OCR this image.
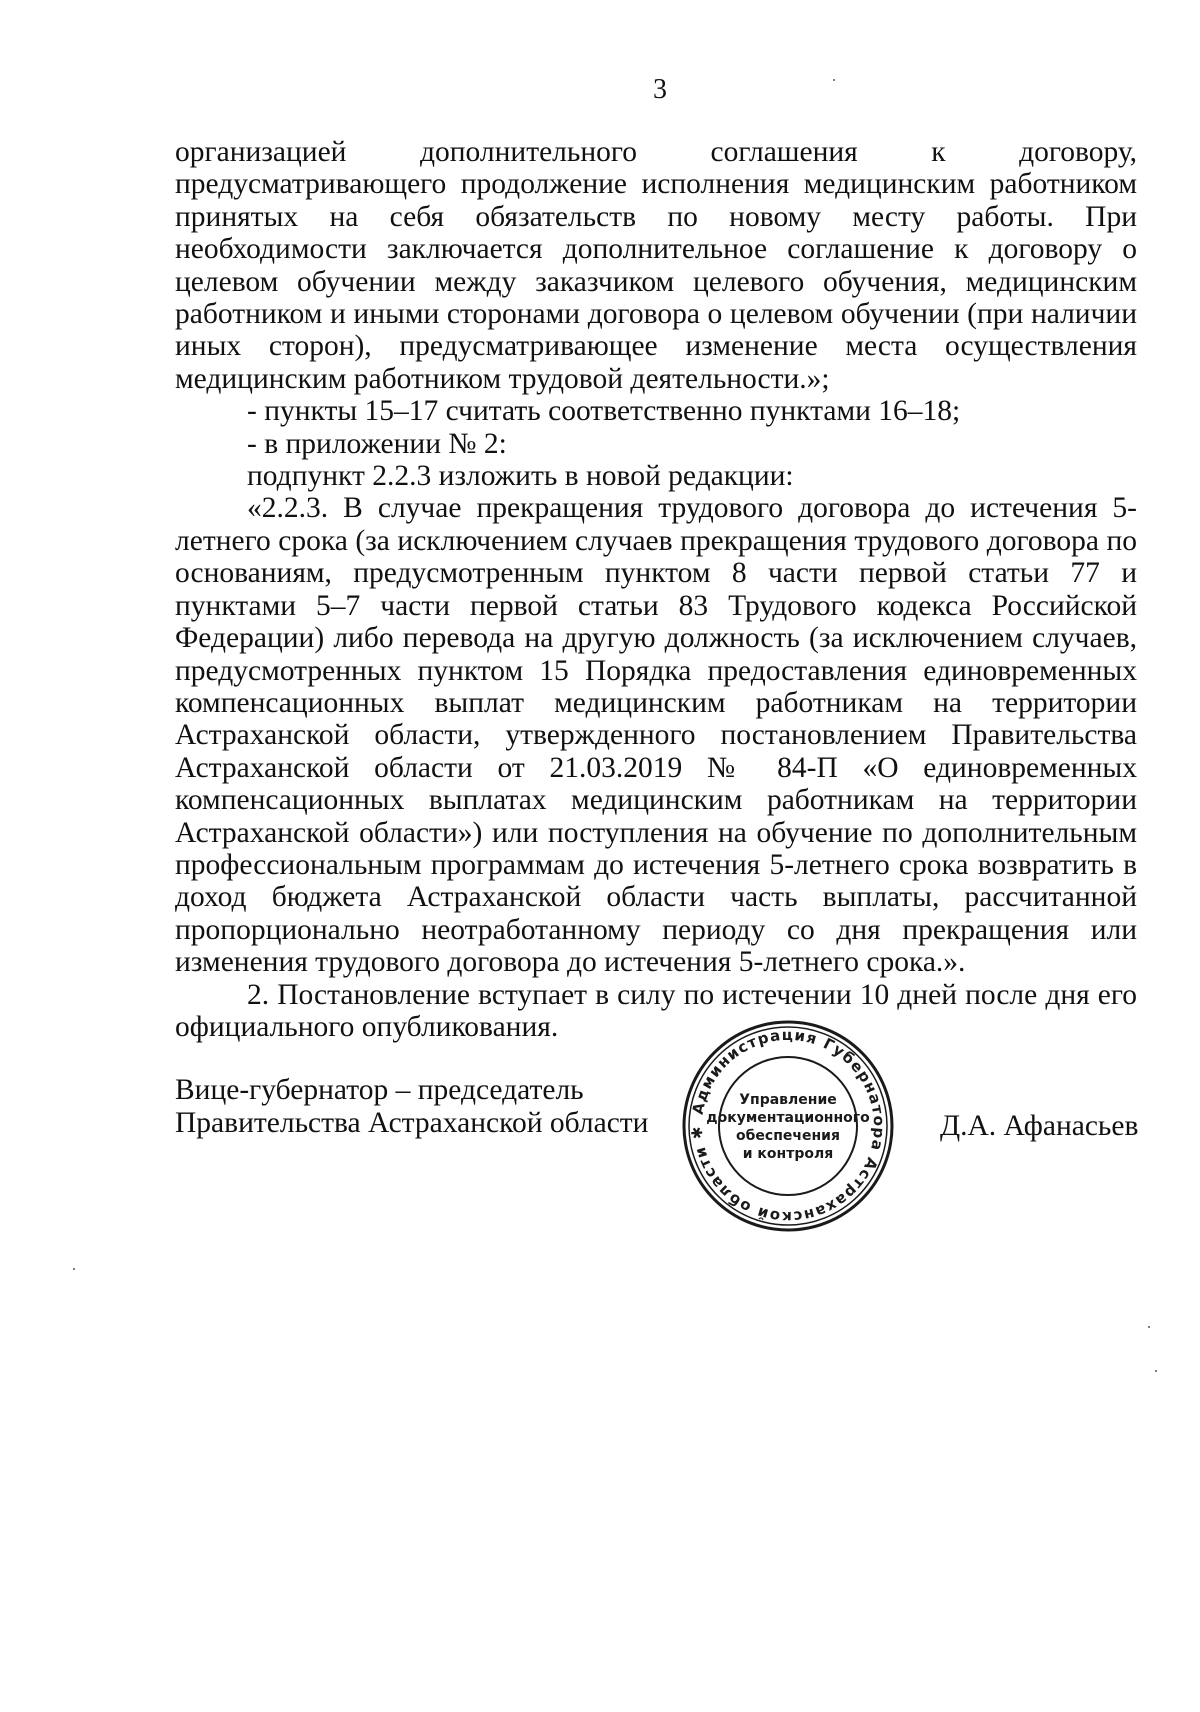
3

организацией дополнительного соглашения к договору, предусматривающего продолжение исполнения медицинским работником принятых на себя обязательств по новому месту работы. При необходимости заключается дополнительное соглашение к договору о целевом обучении между заказчиком целевого обучения, медицинским работником и иными сторонами договора о целевом обучении (при наличии иных сторон), предусматривающее изменение места осуществления медицинским работником трудовой деятельности.»;

- пункты 15–17 считать соответственно пунктами 16–18;

- в приложении № 2:

подпункт 2.2.3 изложить в новой редакции:

«2.2.3. В случае прекращения трудового договора до истечения 5-летнего срока (за исключением случаев прекращения трудового договора по основаниям, предусмотренным пунктом 8 части первой статьи 77 и пунктами 5–7 части первой статьи 83 Трудового кодекса Российской Федерации) либо перевода на другую должность (за исключением случаев, предусмотренных пунктом 15 Порядка предоставления единовременных компенсационных выплат медицинским работникам на территории Астраханской области, утвержденного постановлением Правительства Астраханской области от 21.03.2019 № 84-П «О единовременных компенсационных выплатах медицинским работникам на территории Астраханской области») или поступления на обучение по дополнительным профессиональным программам до истечения 5-летнего срока возвратить в доход бюджета Астраханской области часть выплаты, рассчитанной пропорционально неотработанному периоду со дня прекращения или изменения трудового договора до истечения 5-летнего срока.».

2. Постановление вступает в силу по истечении 10 дней после дня его официального опубликования.

Вице-губернатор – председатель
Правительства Астраханской области	Администрация Губернатора Астраханской области ✱
Управление
документационного
обеспечения
и контроля
Д.А. Афанасьев
